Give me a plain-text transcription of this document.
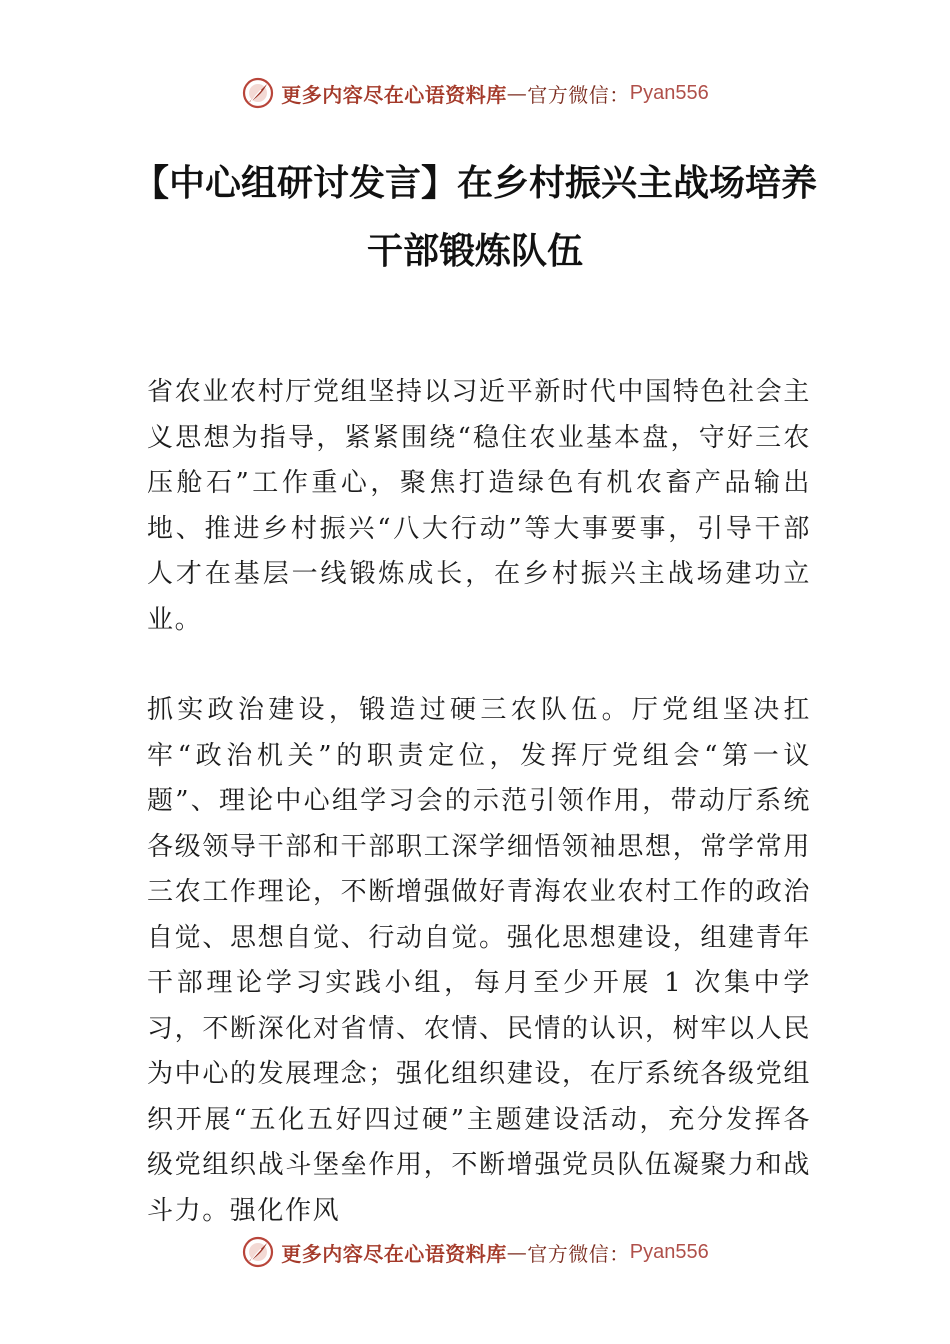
更多内容尽在心语资料库 — 官方微信： Pyan556
【中心组研讨发言】在乡村振兴主战场培养干部锻炼队伍

省农业农村厅党组坚持以习近平新时代中国特色社会主义思想为指导，紧紧围绕“稳住农业基本盘，守好三农压舱石”工作重心，聚焦打造绿色有机农畜产品输出地、推进乡村振兴“八大行动”等大事要事，引导干部人才在基层一线锻炼成长，在乡村振兴主战场建功立业。

抓实政治建设，锻造过硬三农队伍。厅党组坚决扛牢“政治机关”的职责定位，发挥厅党组会“第一议题”、理论中心组学习会的示范引领作用，带动厅系统各级领导干部和干部职工深学细悟领袖思想，常学常用三农工作理论，不断增强做好青海农业农村工作的政治自觉、思想自觉、行动自觉。强化思想建设，组建青年干部理论学习实践小组，每月至少开展 1 次集中学习，不断深化对省情、农情、民情的认识，树牢以人民为中心的发展理念；强化组织建设，在厅系统各级党组织开展“五化五好四过硬”主题建设活动，充分发挥各级党组织战斗堡垒作用，不断增强党员队伍凝聚力和战斗力。强化作风

更多内容尽在心语资料库 — 官方微信： Pyan556
